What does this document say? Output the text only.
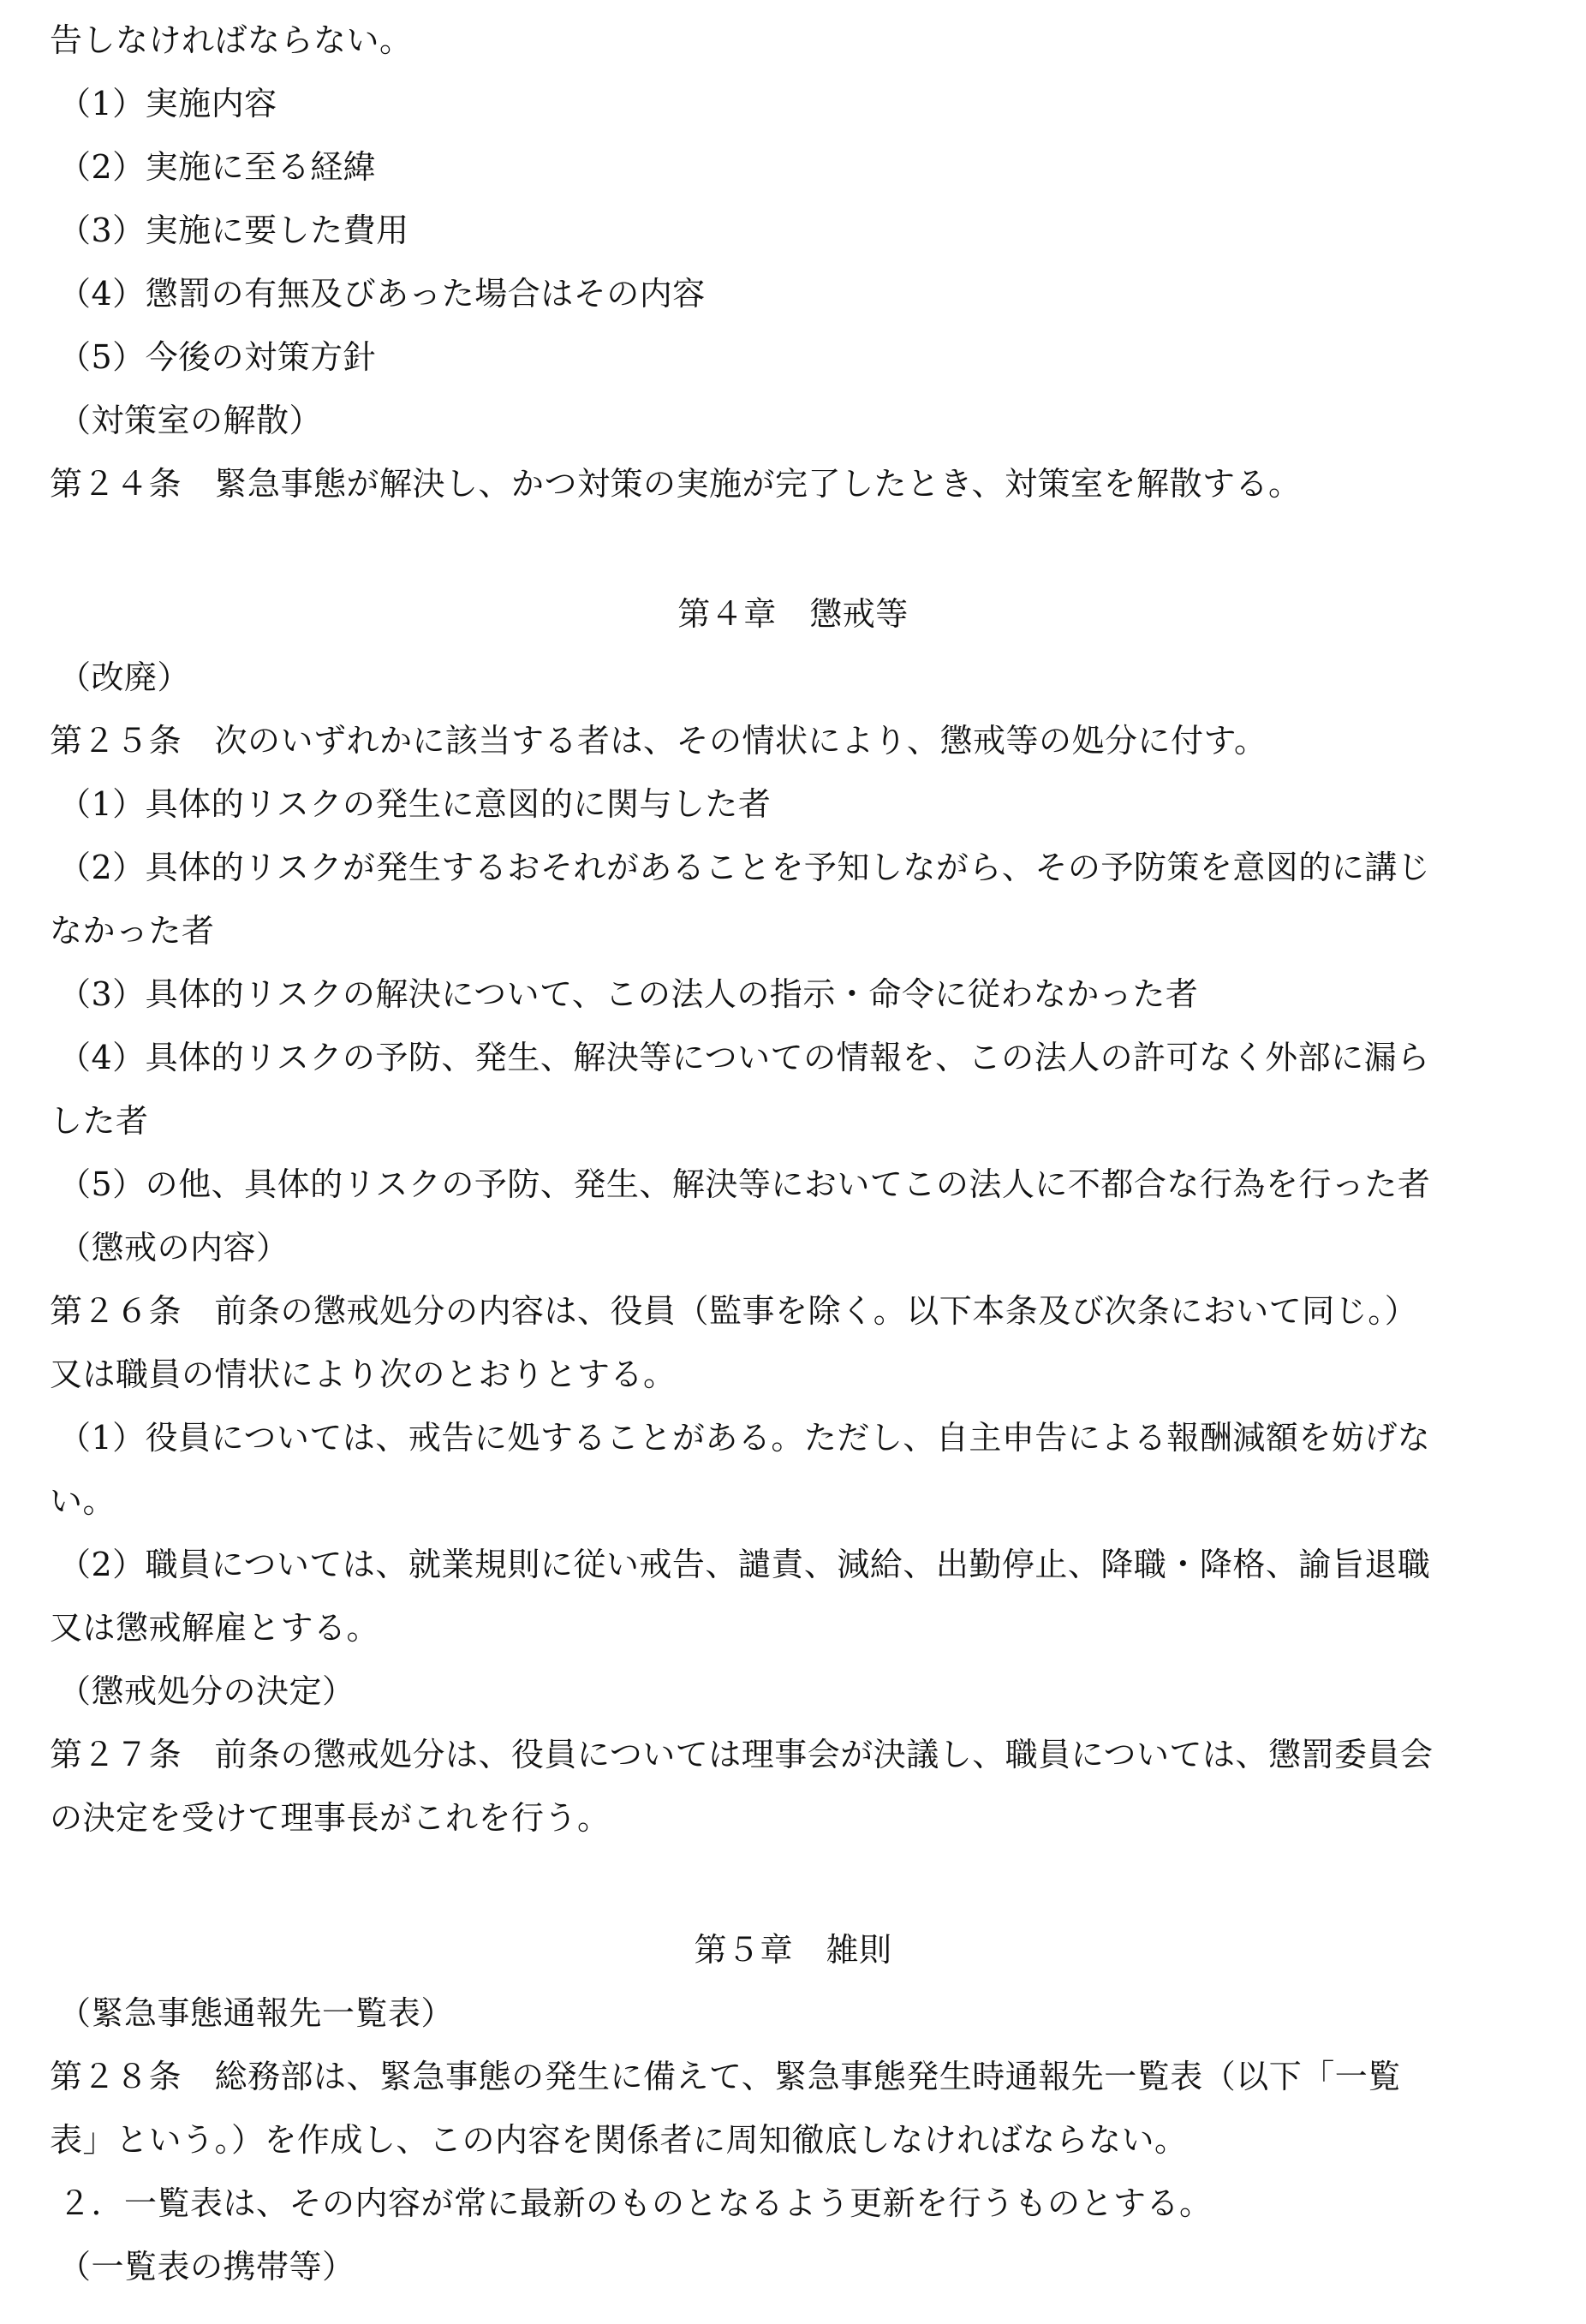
告しなければならない。
（1）実施内容
（2）実施に至る経緯
（3）実施に要した費用
（4）懲罰の有無及びあった場合はその内容
（5）今後の対策方針
（対策室の解散）
第２４条　緊急事態が解決し、かつ対策の実施が完了したとき、対策室を解散する。
第４章　懲戒等
（改廃）
第２５条　次のいずれかに該当する者は、その情状により、懲戒等の処分に付す。
（1）具体的リスクの発生に意図的に関与した者
（2）具体的リスクが発生するおそれがあることを予知しながら、その予防策を意図的に講じ
なかった者
（3）具体的リスクの解決について、この法人の指示・命令に従わなかった者
（4）具体的リスクの予防、発生、解決等についての情報を、この法人の許可なく外部に漏ら
した者
（5）の他、具体的リスクの予防、発生、解決等においてこの法人に不都合な行為を行った者
（懲戒の内容）
第２６条　前条の懲戒処分の内容は、役員（監事を除く。以下本条及び次条において同じ。）
又は職員の情状により次のとおりとする。
（1）役員については、戒告に処することがある。ただし、自主申告による報酬減額を妨げな
い。
（2）職員については、就業規則に従い戒告、譴責、減給、出勤停止、降職・降格、諭旨退職
又は懲戒解雇とする。
（懲戒処分の決定）
第２７条　前条の懲戒処分は、役員については理事会が決議し、職員については、懲罰委員会
の決定を受けて理事長がこれを行う。
第５章　雑則
（緊急事態通報先一覧表）
第２８条　総務部は、緊急事態の発生に備えて、緊急事態発生時通報先一覧表（以下「一覧
表」という。）を作成し、この内容を関係者に周知徹底しなければならない。
２．一覧表は、その内容が常に最新のものとなるよう更新を行うものとする。
（一覧表の携帯等）
